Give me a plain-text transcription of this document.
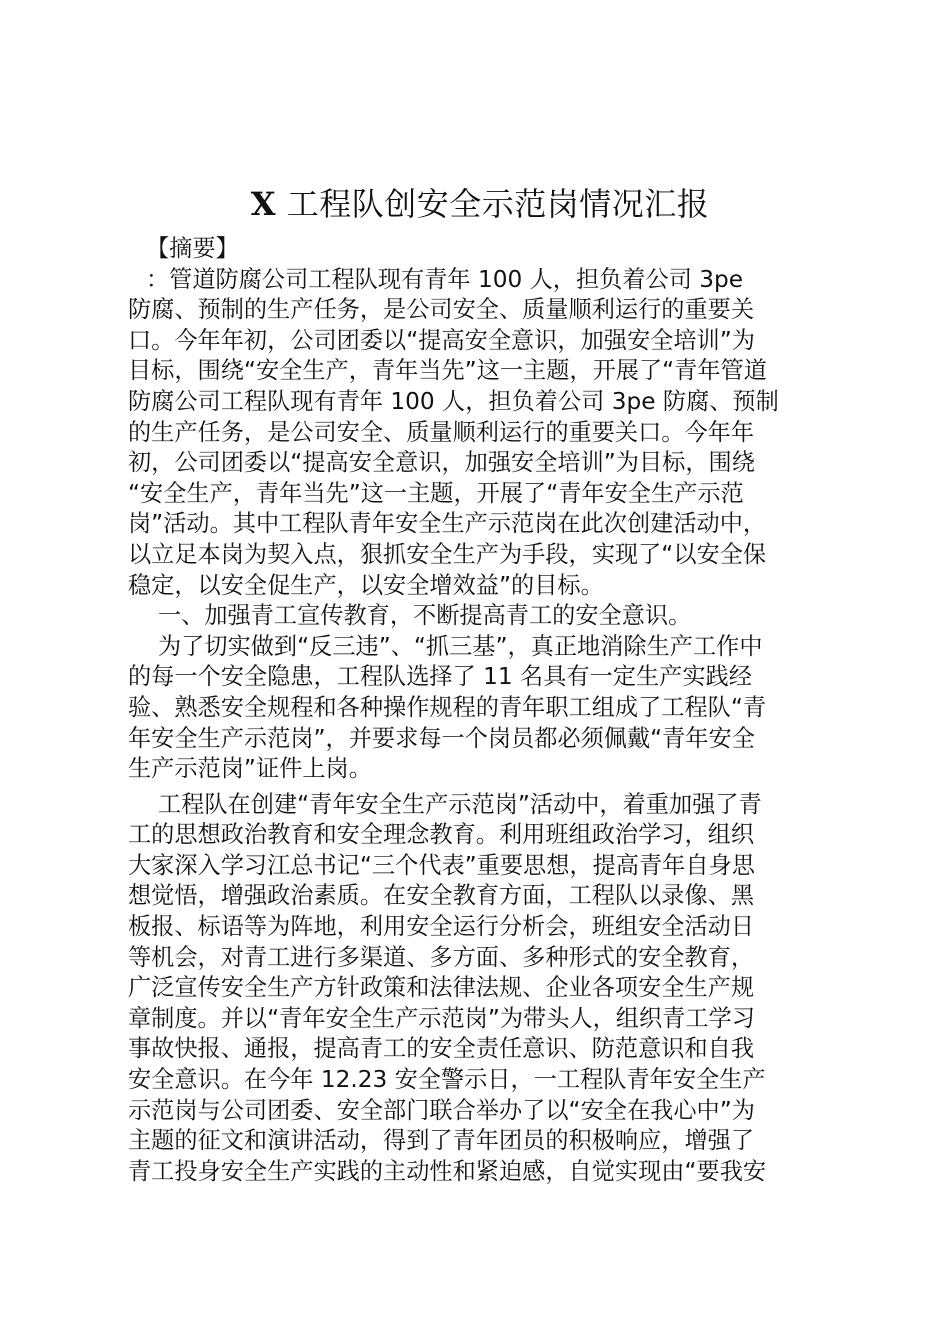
X 工程队创安全示范岗情况汇报
【摘要】
：管道防腐公司工程队现有青年 100 人，担负着公司 3pe
防腐、预制的生产任务，是公司安全、质量顺利运行的重要关
口。今年年初，公司团委以“提高安全意识，加强安全培训”为
目标，围绕“安全生产，青年当先”这一主题，开展了“青年管道
防腐公司工程队现有青年 100 人，担负着公司 3pe 防腐、预制
的生产任务，是公司安全、质量顺利运行的重要关口。今年年
初，公司团委以“提高安全意识，加强安全培训”为目标，围绕
“安全生产，青年当先”这一主题，开展了“青年安全生产示范
岗”活动。其中工程队青年安全生产示范岗在此次创建活动中，
以立足本岗为契入点，狠抓安全生产为手段，实现了“以安全保
稳定，以安全促生产，以安全增效益”的目标。
一、加强青工宣传教育，不断提高青工的安全意识。
为了切实做到“反三违”、“抓三基”，真正地消除生产工作中
的每一个安全隐患，工程队选择了 11 名具有一定生产实践经
验、熟悉安全规程和各种操作规程的青年职工组成了工程队“青
年安全生产示范岗”，并要求每一个岗员都必须佩戴“青年安全
生产示范岗”证件上岗。
工程队在创建“青年安全生产示范岗”活动中，着重加强了青
工的思想政治教育和安全理念教育。利用班组政治学习，组织
大家深入学习江总书记“三个代表”重要思想，提高青年自身思
想觉悟，增强政治素质。在安全教育方面，工程队以录像、黑
板报、标语等为阵地，利用安全运行分析会，班组安全活动日
等机会，对青工进行多渠道、多方面、多种形式的安全教育，
广泛宣传安全生产方针政策和法律法规、企业各项安全生产规
章制度。并以“青年安全生产示范岗”为带头人，组织青工学习
事故快报、通报，提高青工的安全责任意识、防范意识和自我
安全意识。在今年 12.23 安全警示日，一工程队青年安全生产
示范岗与公司团委、安全部门联合举办了以“安全在我心中”为
主题的征文和演讲活动，得到了青年团员的积极响应，增强了
青工投身安全生产实践的主动性和紧迫感，自觉实现由“要我安
